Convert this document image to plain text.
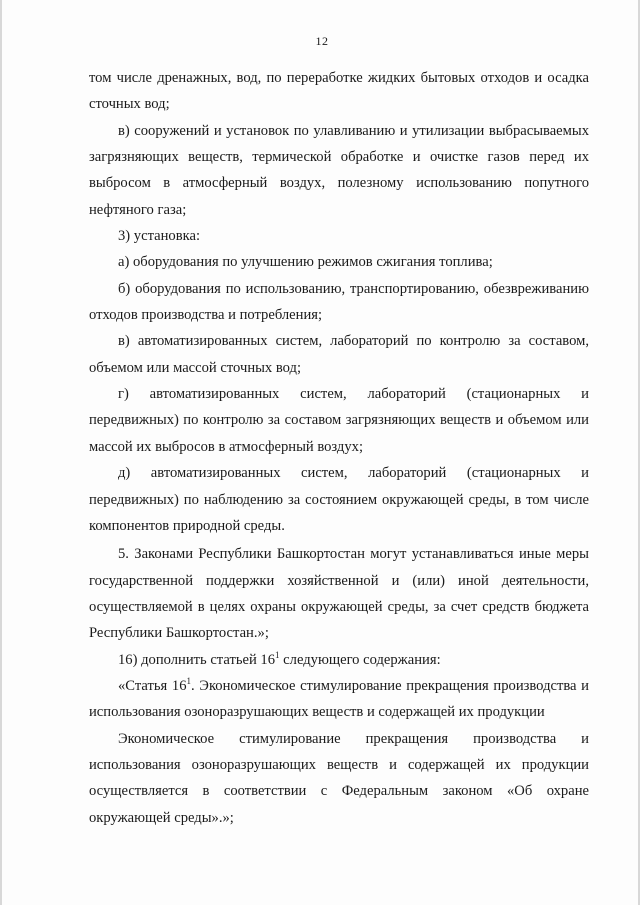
12

том числе дренажных, вод, по переработке жидких бытовых отходов и осадка сточных вод;

в) сооружений и установок по улавливанию и утилизации выбрасываемых загрязняющих веществ, термической обработке и очистке газов перед их выбросом в атмосферный воздух, полезному использованию попутного нефтяного газа;

3) установка:

а) оборудования по улучшению режимов сжигания топлива;

б) оборудования по использованию, транспортированию, обезвреживанию отходов производства и потребления;

в) автоматизированных систем, лабораторий по контролю за составом, объемом или массой сточных вод;

г) автоматизированных систем, лабораторий (стационарных и передвижных) по контролю за составом загрязняющих веществ и объемом или массой их выбросов в атмосферный воздух;

д) автоматизированных систем, лабораторий (стационарных и передвижных) по наблюдению за состоянием окружающей среды, в том числе компонентов природной среды.

5. Законами Республики Башкортостан могут устанавливаться иные меры государственной поддержки хозяйственной и (или) иной деятельности, осуществляемой в целях охраны окружающей среды, за счет средств бюджета Республики Башкортостан.»;

16) дополнить статьей $16^1$ следующего содержания:

«Статья $16^1$. Экономическое стимулирование прекращения производства и использования озоноразрушающих веществ и содержащей их продукции

Экономическое стимулирование прекращения производства и использования озоноразрушающих веществ и содержащей их продукции осуществляется в соответствии с Федеральным законом «Об охране окружающей среды».»;
